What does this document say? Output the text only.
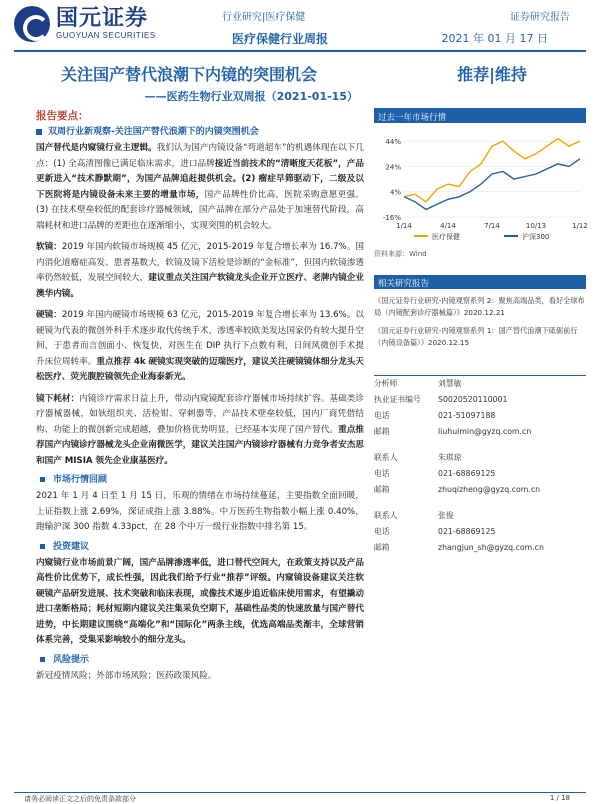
国元证券
GUOYUAN SECURITIES
行业研究|医疗保健	证券研究报告
医疗保健行业周报	2021 年 01 月 17 日
关注国产替代浪潮下内镜的突围机会
——医药生物行业双周报（2021-01-15）
推荐|维持
报告要点：
双周行业新观察-关注国产替代浪潮下的内镜突围机会
国产替代是内窥镜行业主逻辑。我们认为国产内镜设备“弯道超车”的机遇体现在以下几点：(1) 全高清图像已满足临床需求，进口品牌接近当前技术的“清晰度天花板”，产品更新进入“技术静默期”，为国产品牌追赶提供机会。(2) 瘤症早筛驱动下，二级及以下医院将是内镜设备未来主要的增量市场，国产品牌性价比高，医院采购意愿更强。(3) 在技术壁垒较低的配套诊疗器械领域，国产品牌在部分产品处于加速替代阶段，高端耗材和进口品牌的差距也在逐渐缩小，实现突围的机会较大。
软镜：2019 年国内软镜市场规模 45 亿元，2015-2019 年复合增长率为 16.7%。国内消化道瘤症高发、患者基数大，软镜及镜下活检是诊断的“金标准”，但国内软镜渗透率仍然较低，发展空间较大，建议重点关注国产软镜龙头企业开立医疗、老牌内镜企业澳华内镜。
硬镜：2019 年国内硬镜市场规模 63 亿元，2015-2019 年复合增长率为 13.6%。以硬镜为代表的微创外科手术逐步取代传统手术，渗透率较欧美发达国家仍有较大提升空间，于患者而言创面小、恢复快，对医生在 DIP 执行下点数有利，日间风微创手术提升床位周转率。重点推荐 4k 硬镜实现突破的迈瑞医疗，建议关注硬镜镜体细分龙头天松医疗、荧光腹腔镜领先企业海泰新光。
镜下耗材：内镜诊疗需求日益上升，带动内窥镜配套诊疗器械市场持续扩容。基础类诊疗器械器械，如钬组织夹、活检钳、穿刺器等，产品技术壁垒较低，国内厂商凭借结构、功能上的微创新完成超越，叠加价格优势明显，已经基本实现了国产替代。重点推荐国产内镜诊疗器械龙头企业南微医学，建议关注国产内镜诊疗器械有力竞争者安杰思和国产 MISIA 领先企业康基医疗。
市场行情回顾
2021 年 1 月 4 日至 1 月 15 日，乐观的情绪在市场持续蔓延，主要指数全面回暖，上证指数上涨 2.69%，深证成指上涨 3.88%。中万医药生物指数小幅上涨 0.40%，跑输沪深 300 指数 4.33pct，在 28 个中万一级行业指数中排名第 15。
投资建议
内窥镜行业市场前景广阔，国产品牌渗透率低，进口替代空间大，在政策支持以及产品高性价比优势下，成长性强，因此我们给予行业“推荐”评级。内窥镜设备建议关注软硬镜产品研发进展、技术突破和临床表现，或像技术逐步追近临床使用需求，有望撬动进口垄断格局；耗材短期内建议关注集采负空期下，基础性品类的快速放量与国产替代进势，中长期建议围绕“高端化”和“国际化”两条主线，优选高端品类渐丰，全球营销体系完善，受集采影响较小的细分龙头。
风险提示
新冠疫情风险；外部市场风险；医药政策风险。
过去一年市场行情
-16%
4%
24%
44%
1/14	4/14	7/14	10/13	1/12
医疗保健	沪深300
资料来源：Wind
相关研究报告
《国元证券行业研究-内镜观察系列 2：聚焦高端品类，看好全球布局（内镜配套诊疗器械篇）》2020.12.21
《国元证券行业研究-内镜观察系列 1：国产替代浪潮下砥砺前行（内镜设备篇）》2020.12.15
分析师	刘慧敏
执业证书编号	S0020520110001
电话	021-51097188
邮箱	liuhuimin@gyzq.com.cn
联系人	朱琪琼
电话	021-68869125
邮箱	zhuqizheng@gyzq.com.cn
联系人	张俊
电话	021-68869125
邮箱	zhangjun_sh@gyzq.com.cn
请务必阅读正文之后的免责条款部分	1 / 18
